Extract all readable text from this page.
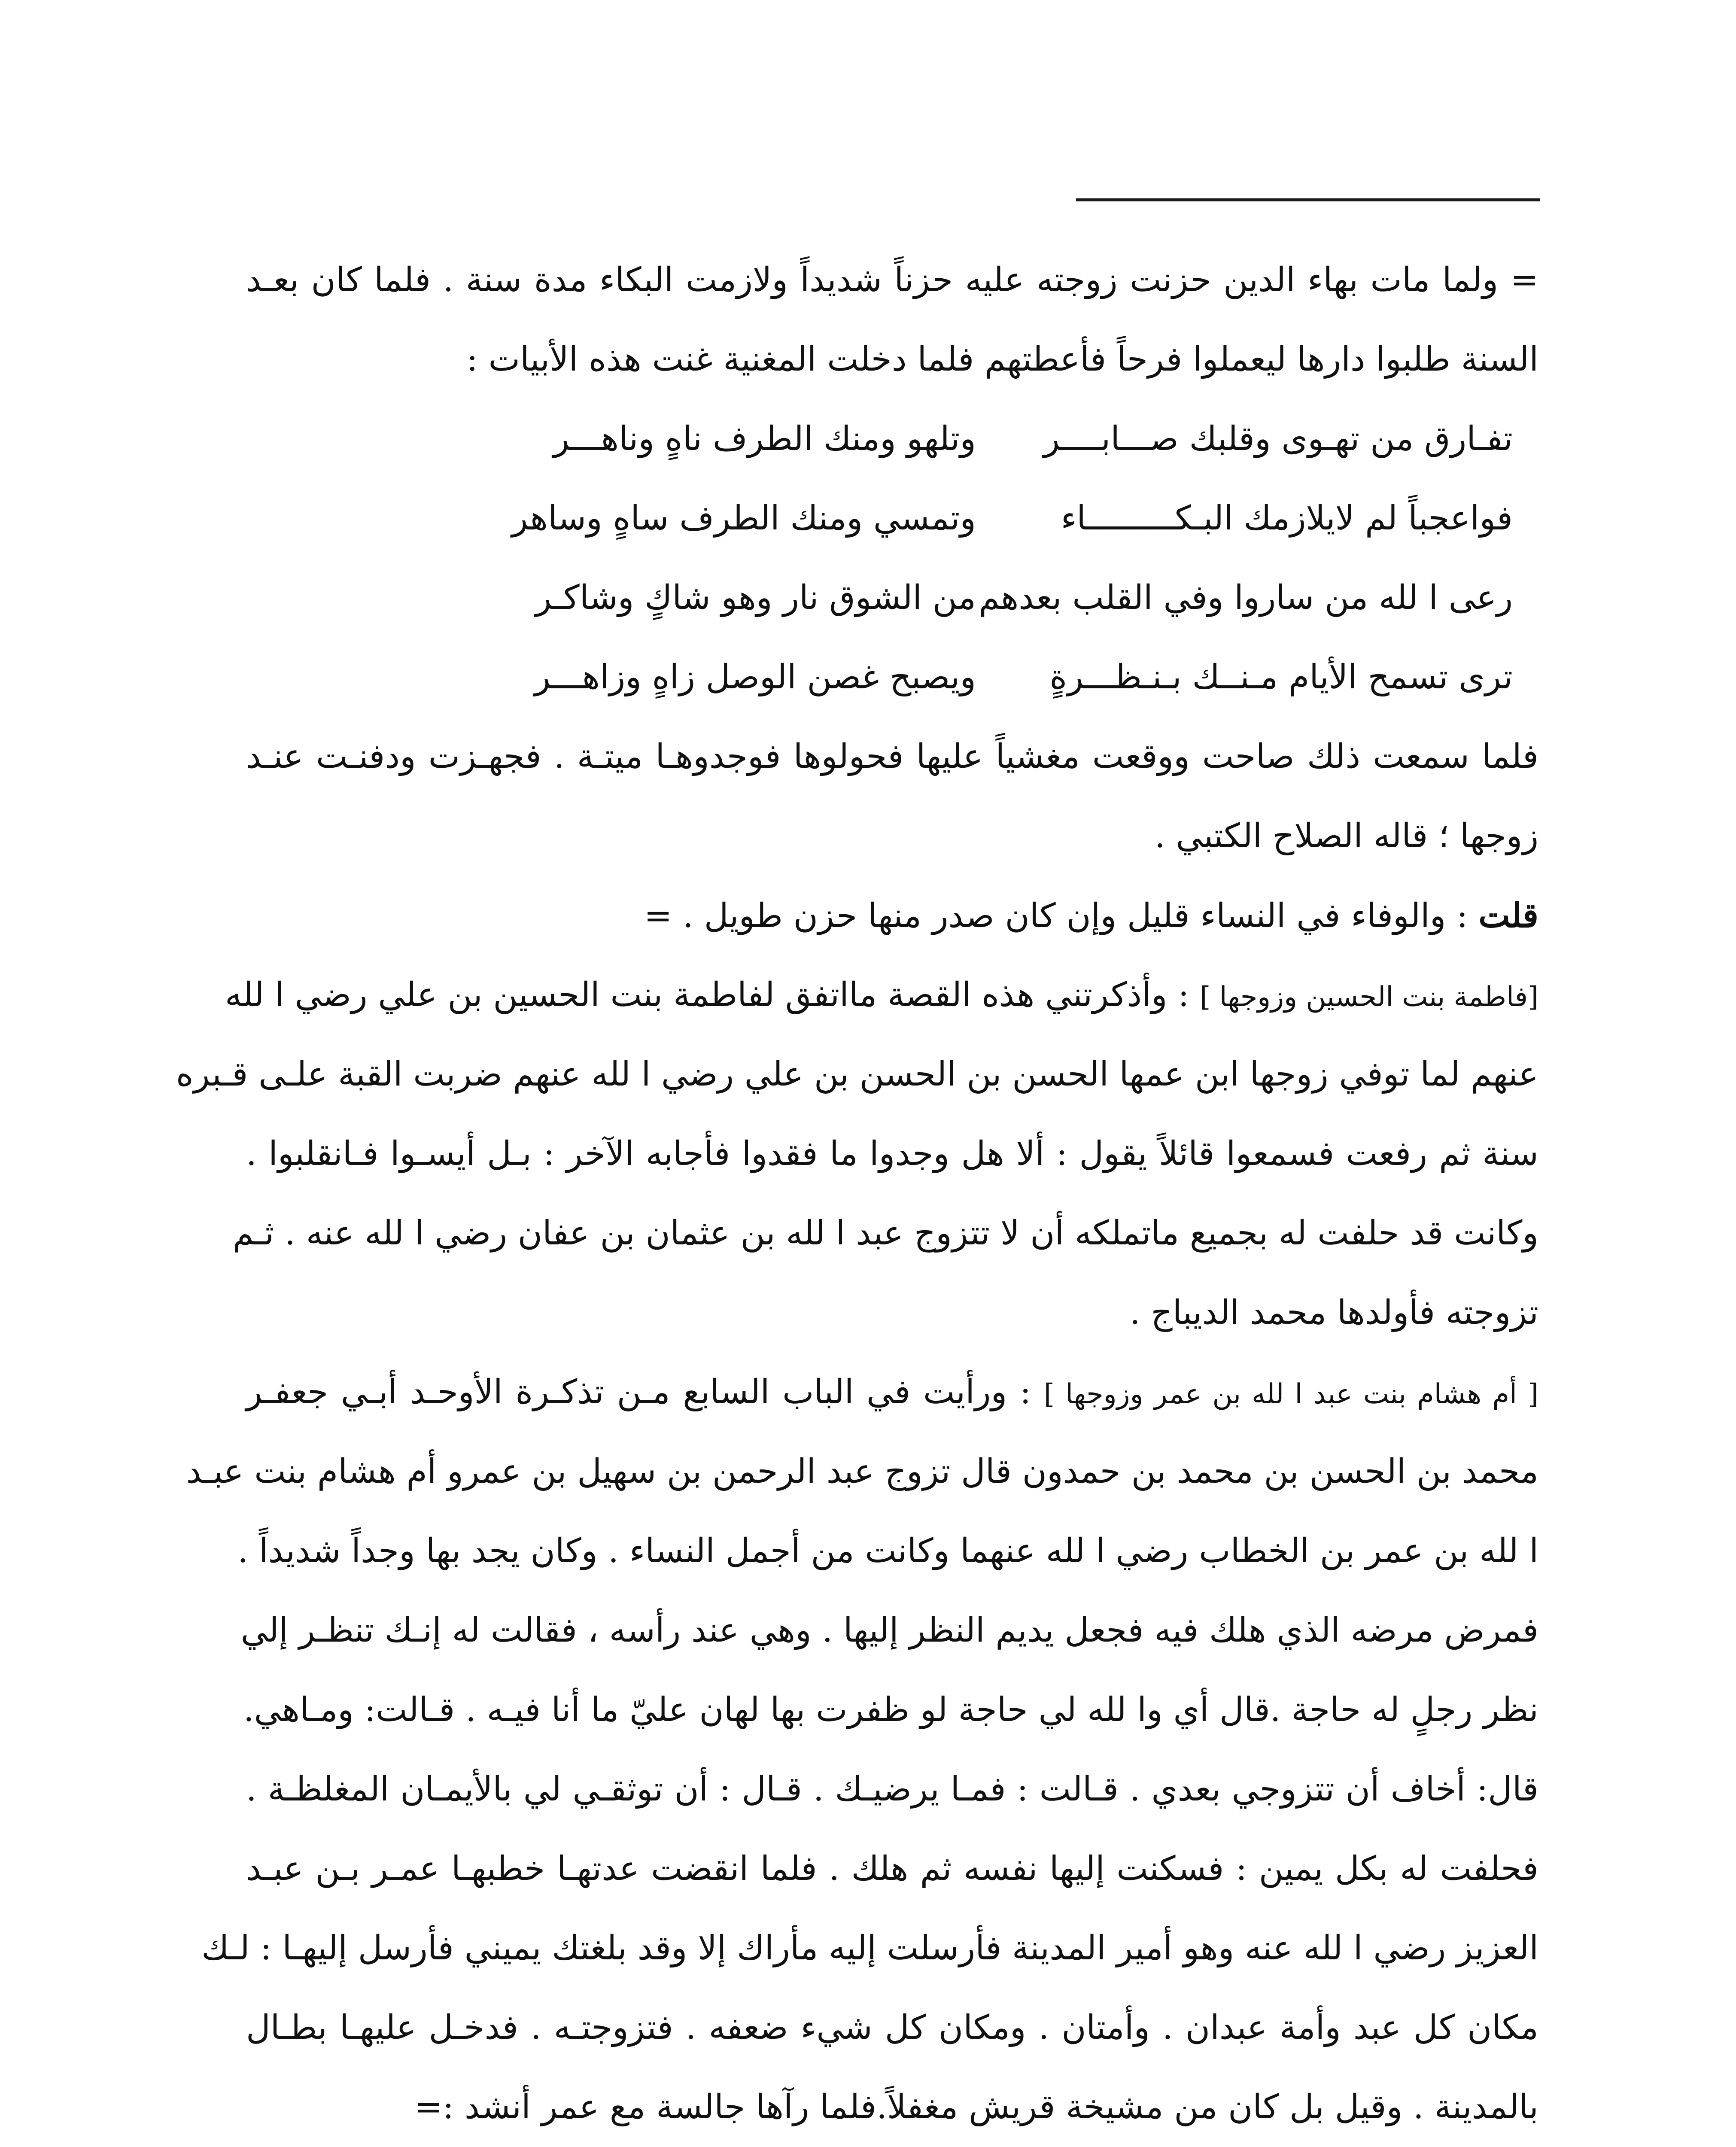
= ولما مات بهاء الدين حزنت زوجته عليه حزناً شديداً ولازمت البكاء مدة سنة . فلما كان بعـد
السنة طلبوا دارها ليعملوا فرحاً فأعطتهم فلما دخلت المغنية غنت هذه الأبيات :
تفـارق من تهـوى وقلبك صـــابــــر
وتلهو ومنك الطرف ناهٍ وناهـــر
فواعجباً لم لايلازمك البـكـــــــــاء
وتمسي ومنك الطرف ساهٍ وساهر
رعى ا لله من ساروا وفي القلب بعدهم
من الشوق نار وهو شاكٍ وشاكـر
ترى تسمح الأيام مـنــك بـنـظـــرةٍ
ويصبح غصن الوصل زاهٍ وزاهـــر
فلما سمعت ذلك صاحت ووقعت مغشياً عليها فحولوها فوجدوهـا ميتـة . فجهـزت ودفنـت عنـد
زوجها ؛ قاله الصلاح الكتبي .
قلت : والوفاء في النساء قليل وإن كان صدر منها حزن طويل . =
[فاطمة بنت الحسين وزوجها ] : وأذكرتني هذه القصة مااتفق لفاطمة بنت الحسين بن علي رضي ا لله
عنهم لما توفي زوجها ابن عمها الحسن بن الحسن بن علي رضي ا لله عنهم ضربت القبة علـى قـبره
سنة ثم رفعت فسمعوا قائلاً يقول : ألا هل وجدوا ما فقدوا فأجابه الآخر : بـل أيسـوا فـانقلبوا .
وكانت قد حلفت له بجميع ماتملكه أن لا تتزوج عبد ا لله بن عثمان بن عفان رضي ا لله عنه . ثـم
تزوجته فأولدها محمد الديباج .
[ أم هشام بنت عبد ا لله بن عمر وزوجها ] : ورأيت في الباب السابع مـن تذكـرة الأوحـد أبـي جعفـر
محمد بن الحسن بن محمد بن حمدون قال تزوج عبد الرحمن بن سهيل بن عمرو أم هشام بنت عبـد
ا لله بن عمر بن الخطاب رضي ا لله عنهما وكانت من أجمل النساء . وكان يجد بها وجداً شديداً .
فمرض مرضه الذي هلك فيه فجعل يديم النظر إليها . وهي عند رأسه ، فقالت له إنـك تنظـر إلي
نظر رجلٍ له حاجة .قال أي وا لله لي حاجة لو ظفرت بها لهان عليّ ما أنا فيـه . قـالت: ومـاهي.
قال: أخاف أن تتزوجي بعدي . قـالت : فمـا يرضيـك . قـال : أن توثقـي لي بالأيمـان المغلظـة .
فحلفت له بكل يمين : فسكنت إليها نفسه ثم هلك . فلما انقضت عدتهـا خطبهـا عمـر بـن عبـد
العزيز رضي ا لله عنه وهو أمير المدينة فأرسلت إليه مأراك إلا وقد بلغتك يميني فأرسل إليهـا : لـك
مكان كل عبد وأمة عبدان . وأمتان . ومكان كل شيء ضعفه . فتزوجتـه . فدخـل عليهـا بطـال
بالمدينة . وقيل بل كان من مشيخة قريش مغفلاً.فلما رآها جالسة مع عمر أنشد :=
